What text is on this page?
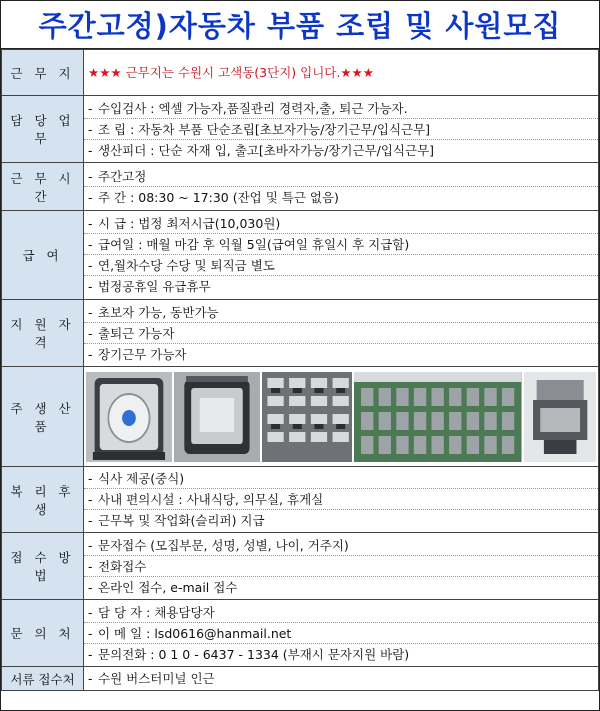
주간고정)자동차 부품 조립 및 사원모집
근 무 지	★★★ 근무지는 수원시 고색동(3단지) 입니다.★★★

담 당 업 무	- 수입검사 : 엑셀 가능자,품질관리 경력자,출, 퇴근 가능자.
- 조 립 : 자동차 부품 단순조립[초보자가능/장기근무/입식근무]
- 생산피더 : 단순 자재 입, 출고[초바자가능/장기근무/입식근무]

근 무 시 간	- 주간고정
- 주 간 : 08:30 ~ 17:30 (잔업 및 특근 없음)

급 여	- 시 급 : 법정 최저시급(10,030원)
- 급여일 : 매월 마감 후 익월 5일(급여일 휴일시 후 지급함)
- 연,월차수당 수당 및 퇴직금 별도
- 법정공휴일 유급휴무

지 원 자 격	- 초보자 가능, 동반가능
- 출퇴근 가능자
- 장기근무 가능자

주 생 산 품	

복 리 후 생	- 식사 제공(중식)
- 사내 편의시설 : 사내식당, 의무실, 휴게실
- 근무복 및 작업화(슬리퍼) 지급

접 수 방 법	- 문자접수 (모집부문, 성명, 성별, 나이, 거주지)
- 전화접수
- 온라인 접수, e-mail 접수

문 의 처	- 담 당 자 : 채용담당자
- 이 메 일 : lsd0616@hanmail.net
- 문의전화 : 0 1 0 - 6437 - 1334 (부재시 문자지원 바람)

서류 접수처	- 수원 버스터미널 인근
